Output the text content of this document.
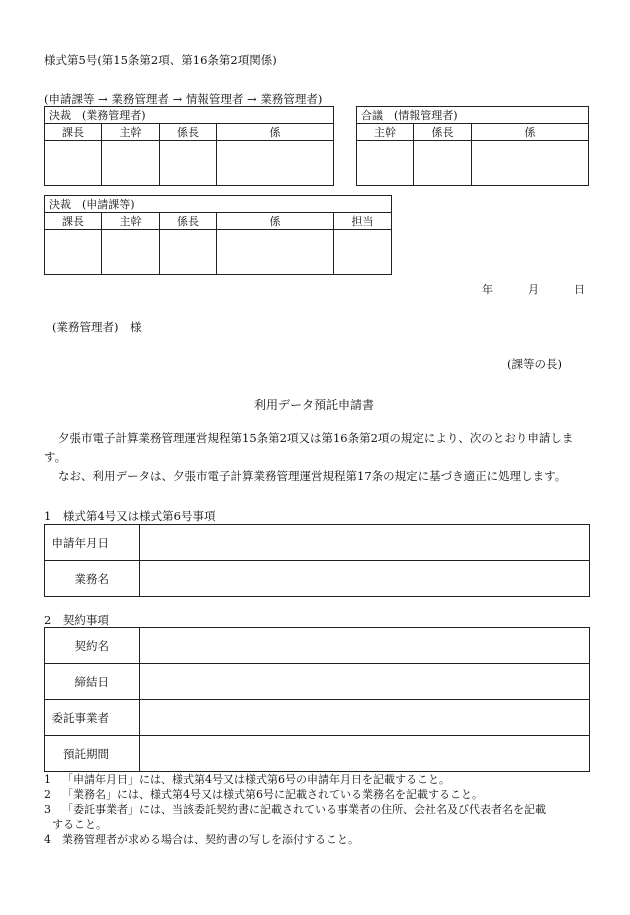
様式第5号(第15条第2項、第16条第2項関係)
(申請課等 → 業務管理者 → 情報管理者 → 業務管理者)
決裁　(業務管理者)			
課長	主幹	係長	係

合議　(情報管理者)		
主幹	係長	係

決裁　(申請課等)				
課長	主幹	係長	係	担当

年	月	日
(業務管理者)　様
(課等の長)
利用データ預託申請書
夕張市電子計算業務管理運営規程第15条第2項又は第16条第2項の規定により、次のとおり申請します。
なお、利用データは、夕張市電子計算業務管理運営規程第17条の規定に基づき適正に処理します。
1　様式第4号又は様式第6号事項
申請年月日	
業務名	
2　契約事項
契約名	
締結日	
委託事業者	
預託期間	
1 「申請年月日」には、様式第4号又は様式第6号の申請年月日を記載すること。
2 「業務名」には、様式第4号又は様式第6号に記載されている業務名を記載すること。
3 「委託事業者」には、当該委託契約書に記載されている事業者の住所、会社名及び代表者名を記載
すること。
4 業務管理者が求める場合は、契約書の写しを添付すること。
